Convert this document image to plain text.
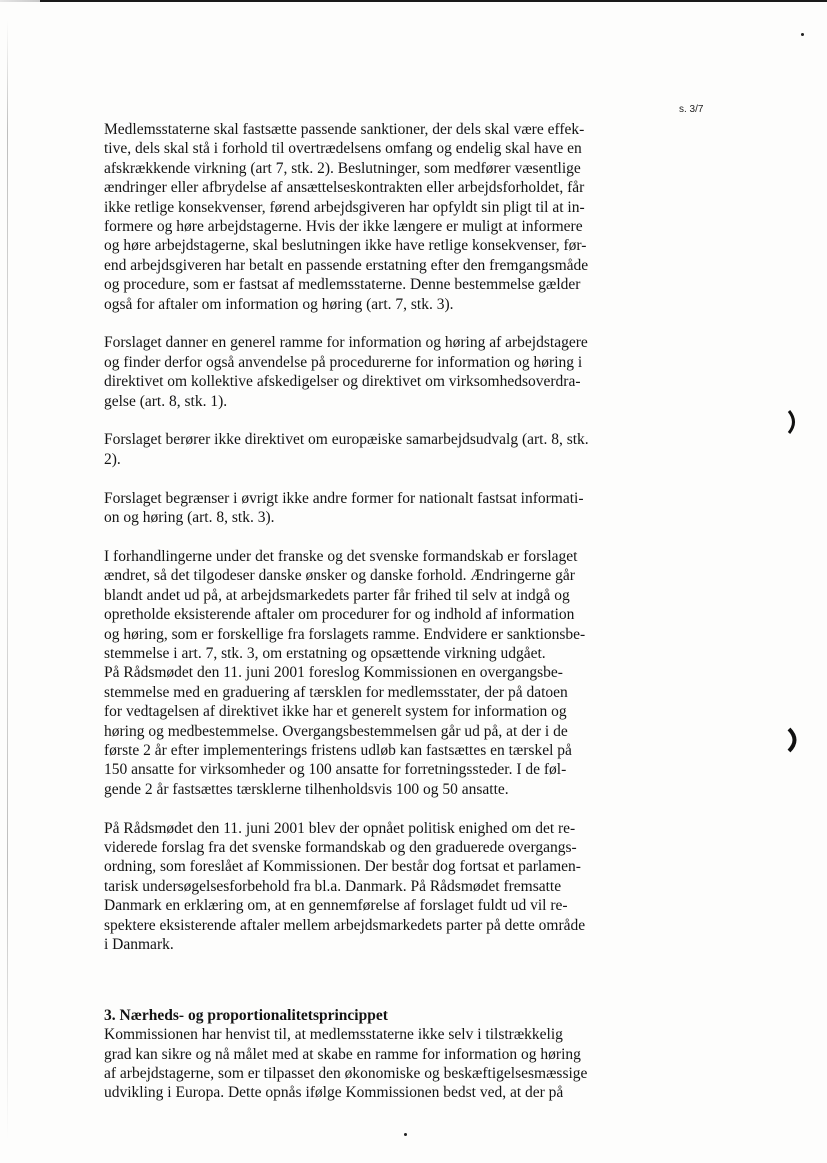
s. 3/7

Medlemsstaterne skal fastsætte passende sanktioner, der dels skal være effek-
tive, dels skal stå i forhold til overtrædelsens omfang og endelig skal have en
afskrækkende virkning (art 7, stk. 2). Beslutninger, som medfører væsentlige
ændringer eller afbrydelse af ansættelseskontrakten eller arbejdsforholdet, får
ikke retlige konsekvenser, førend arbejdsgiveren har opfyldt sin pligt til at in-
formere og høre arbejdstagerne. Hvis der ikke længere er muligt at informere
og høre arbejdstagerne, skal beslutningen ikke have retlige konsekvenser, før-
end arbejdsgiveren har betalt en passende erstatning efter den fremgangsmåde
og procedure, som er fastsat af medlemsstaterne. Denne bestemmelse gælder
også for aftaler om information og høring (art. 7, stk. 3).

Forslaget danner en generel ramme for information og høring af arbejdstagere
og finder derfor også anvendelse på procedurerne for information og høring i
direktivet om kollektive afskedigelser og direktivet om virksomhedsoverdra-
gelse (art. 8, stk. 1).

Forslaget berører ikke direktivet om europæiske samarbejdsudvalg (art. 8, stk.
2).

Forslaget begrænser i øvrigt ikke andre former for nationalt fastsat informati-
on og høring (art. 8, stk. 3).

I forhandlingerne under det franske og det svenske formandskab er forslaget
ændret, så det tilgodeser danske ønsker og danske forhold. Ændringerne går
blandt andet ud på, at arbejdsmarkedets parter får frihed til selv at indgå og
opretholde eksisterende aftaler om procedurer for og indhold af information
og høring, som er forskellige fra forslagets ramme. Endvidere er sanktionsbe-
stemmelse i art. 7, stk. 3, om erstatning og opsættende virkning udgået.

På Rådsmødet den 11. juni 2001 foreslog Kommissionen en overgangsbe-
stemmelse med en graduering af tærsklen for medlemsstater, der på datoen
for vedtagelsen af direktivet ikke har et generelt system for information og
høring og medbestemmelse. Overgangsbestemmelsen går ud på, at der i de
første 2 år efter implementerings fristens udløb kan fastsættes en tærskel på
150 ansatte for virksomheder og 100 ansatte for forretningssteder. I de føl-
gende 2 år fastsættes tærsklerne tilhenholdsvis 100 og 50 ansatte.

På Rådsmødet den 11. juni 2001 blev der opnået politisk enighed om det re-
viderede forslag fra det svenske formandskab og den graduerede overgangs-
ordning, som foreslået af Kommissionen. Der består dog fortsat et parlamen-
tarisk undersøgelsesforbehold fra bl.a. Danmark. På Rådsmødet fremsatte
Danmark en erklæring om, at en gennemførelse af forslaget fuldt ud vil re-
spektere eksisterende aftaler mellem arbejdsmarkedets parter på dette område
i Danmark.

3. Nærheds- og proportionalitetsprincippet

Kommissionen har henvist til, at medlemsstaterne ikke selv i tilstrækkelig
grad kan sikre og nå målet med at skabe en ramme for information og høring
af arbejdstagerne, som er tilpasset den økonomiske og beskæftigelsesmæssige
udvikling i Europa. Dette opnås ifølge Kommissionen bedst ved, at der på
